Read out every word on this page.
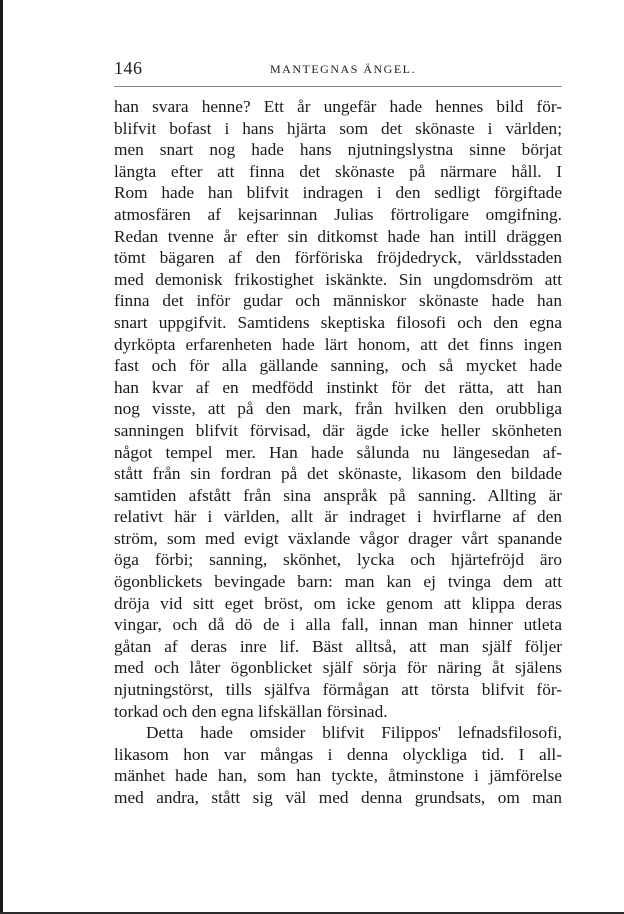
146	MANTEGNAS ÄNGEL.
han svara henne? Ett år ungefär hade hennes bild för-
blifvit bofast i hans hjärta som det skönaste i världen;
men snart nog hade hans njutningslystna sinne börjat
längta efter att finna det skönaste på närmare håll. I
Rom hade han blifvit indragen i den sedligt förgiftade
atmosfären af kejsarinnan Julias förtroligare omgifning.
Redan tvenne år efter sin ditkomst hade han intill dräggen
tömt bägaren af den förföriska fröjdedryck, världsstaden
med demonisk frikostighet iskänkte. Sin ungdomsdröm att
finna det inför gudar och människor skönaste hade han
snart uppgifvit. Samtidens skeptiska filosofi och den egna
dyrköpta erfarenheten hade lärt honom, att det finns ingen
fast och för alla gällande sanning, och så mycket hade
han kvar af en medfödd instinkt för det rätta, att han
nog visste, att på den mark, från hvilken den orubbliga
sanningen blifvit förvisad, där ägde icke heller skönheten
något tempel mer. Han hade sålunda nu längesedan af-
stått från sin fordran på det skönaste, likasom den bildade
samtiden afstått från sina anspråk på sanning. Allting är
relativt här i världen, allt är indraget i hvirflarne af den
ström, som med evigt växlande vågor drager vårt spanande
öga förbi; sanning, skönhet, lycka och hjärtefröjd äro
ögonblickets bevingade barn: man kan ej tvinga dem att
dröja vid sitt eget bröst, om icke genom att klippa deras
vingar, och då dö de i alla fall, innan man hinner utleta
gåtan af deras inre lif. Bäst alltså, att man själf följer
med och låter ögonblicket själf sörja för näring åt själens
njutningstörst, tills själfva förmågan att törsta blifvit för-
torkad och den egna lifskällan försinad.
Detta hade omsider blifvit Filippos' lefnadsfilosofi,
likasom hon var mångas i denna olyckliga tid. I all-
mänhet hade han, som han tyckte, åtminstone i jämförelse
med andra, stått sig väl med denna grundsats, om man
